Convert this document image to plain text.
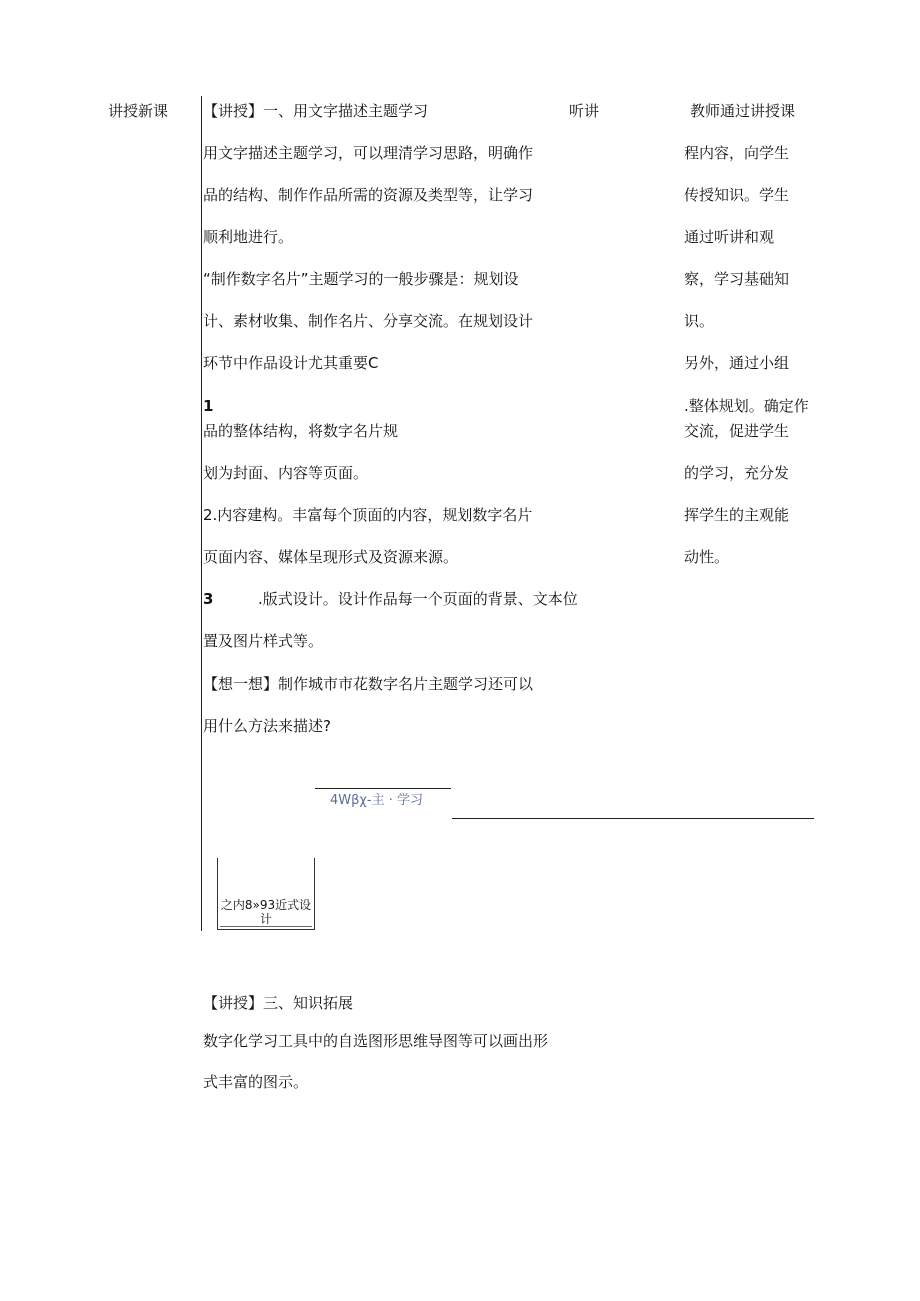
讲授新课 【讲授】一、用文字描述主题学习
用文字描述主题学习，可以理清学习思路，明确作
品的结构、制作作品所需的资源及类型等，让学习
顺利地进行。
“制作数字名片”主题学习的一般步骤是：规划设
计、素材收集、制作名片、分享交流。在规划设计
环节中作品设计尤其重要C
1
品的整体结构，将数字名片规
划为封面、内容等页面。
2.内容建构。丰富每个顶面的内容，规划数字名片
页面内容、媒体呈现形式及资源来源。
3	.版式设计。设计作品每一个页面的背景、文本位
置及图片样式等。
【想一想】制作城市市花数字名片主题学习还可以
用什么方法来描述?
4Wβχ-主 · 学习
之内8»93近式设计
【讲授】三、知识拓展
数字化学习工具中的自选图形思维导图等可以画出形
式丰富的图示。
听讲	教师通过讲授课
程内容，向学生
传授知识。学生
通过听讲和观
察，学习基础知
识。
另外，通过小组
.整体规划。确定作
交流，促进学生
的学习，充分发
挥学生的主观能
动性。
